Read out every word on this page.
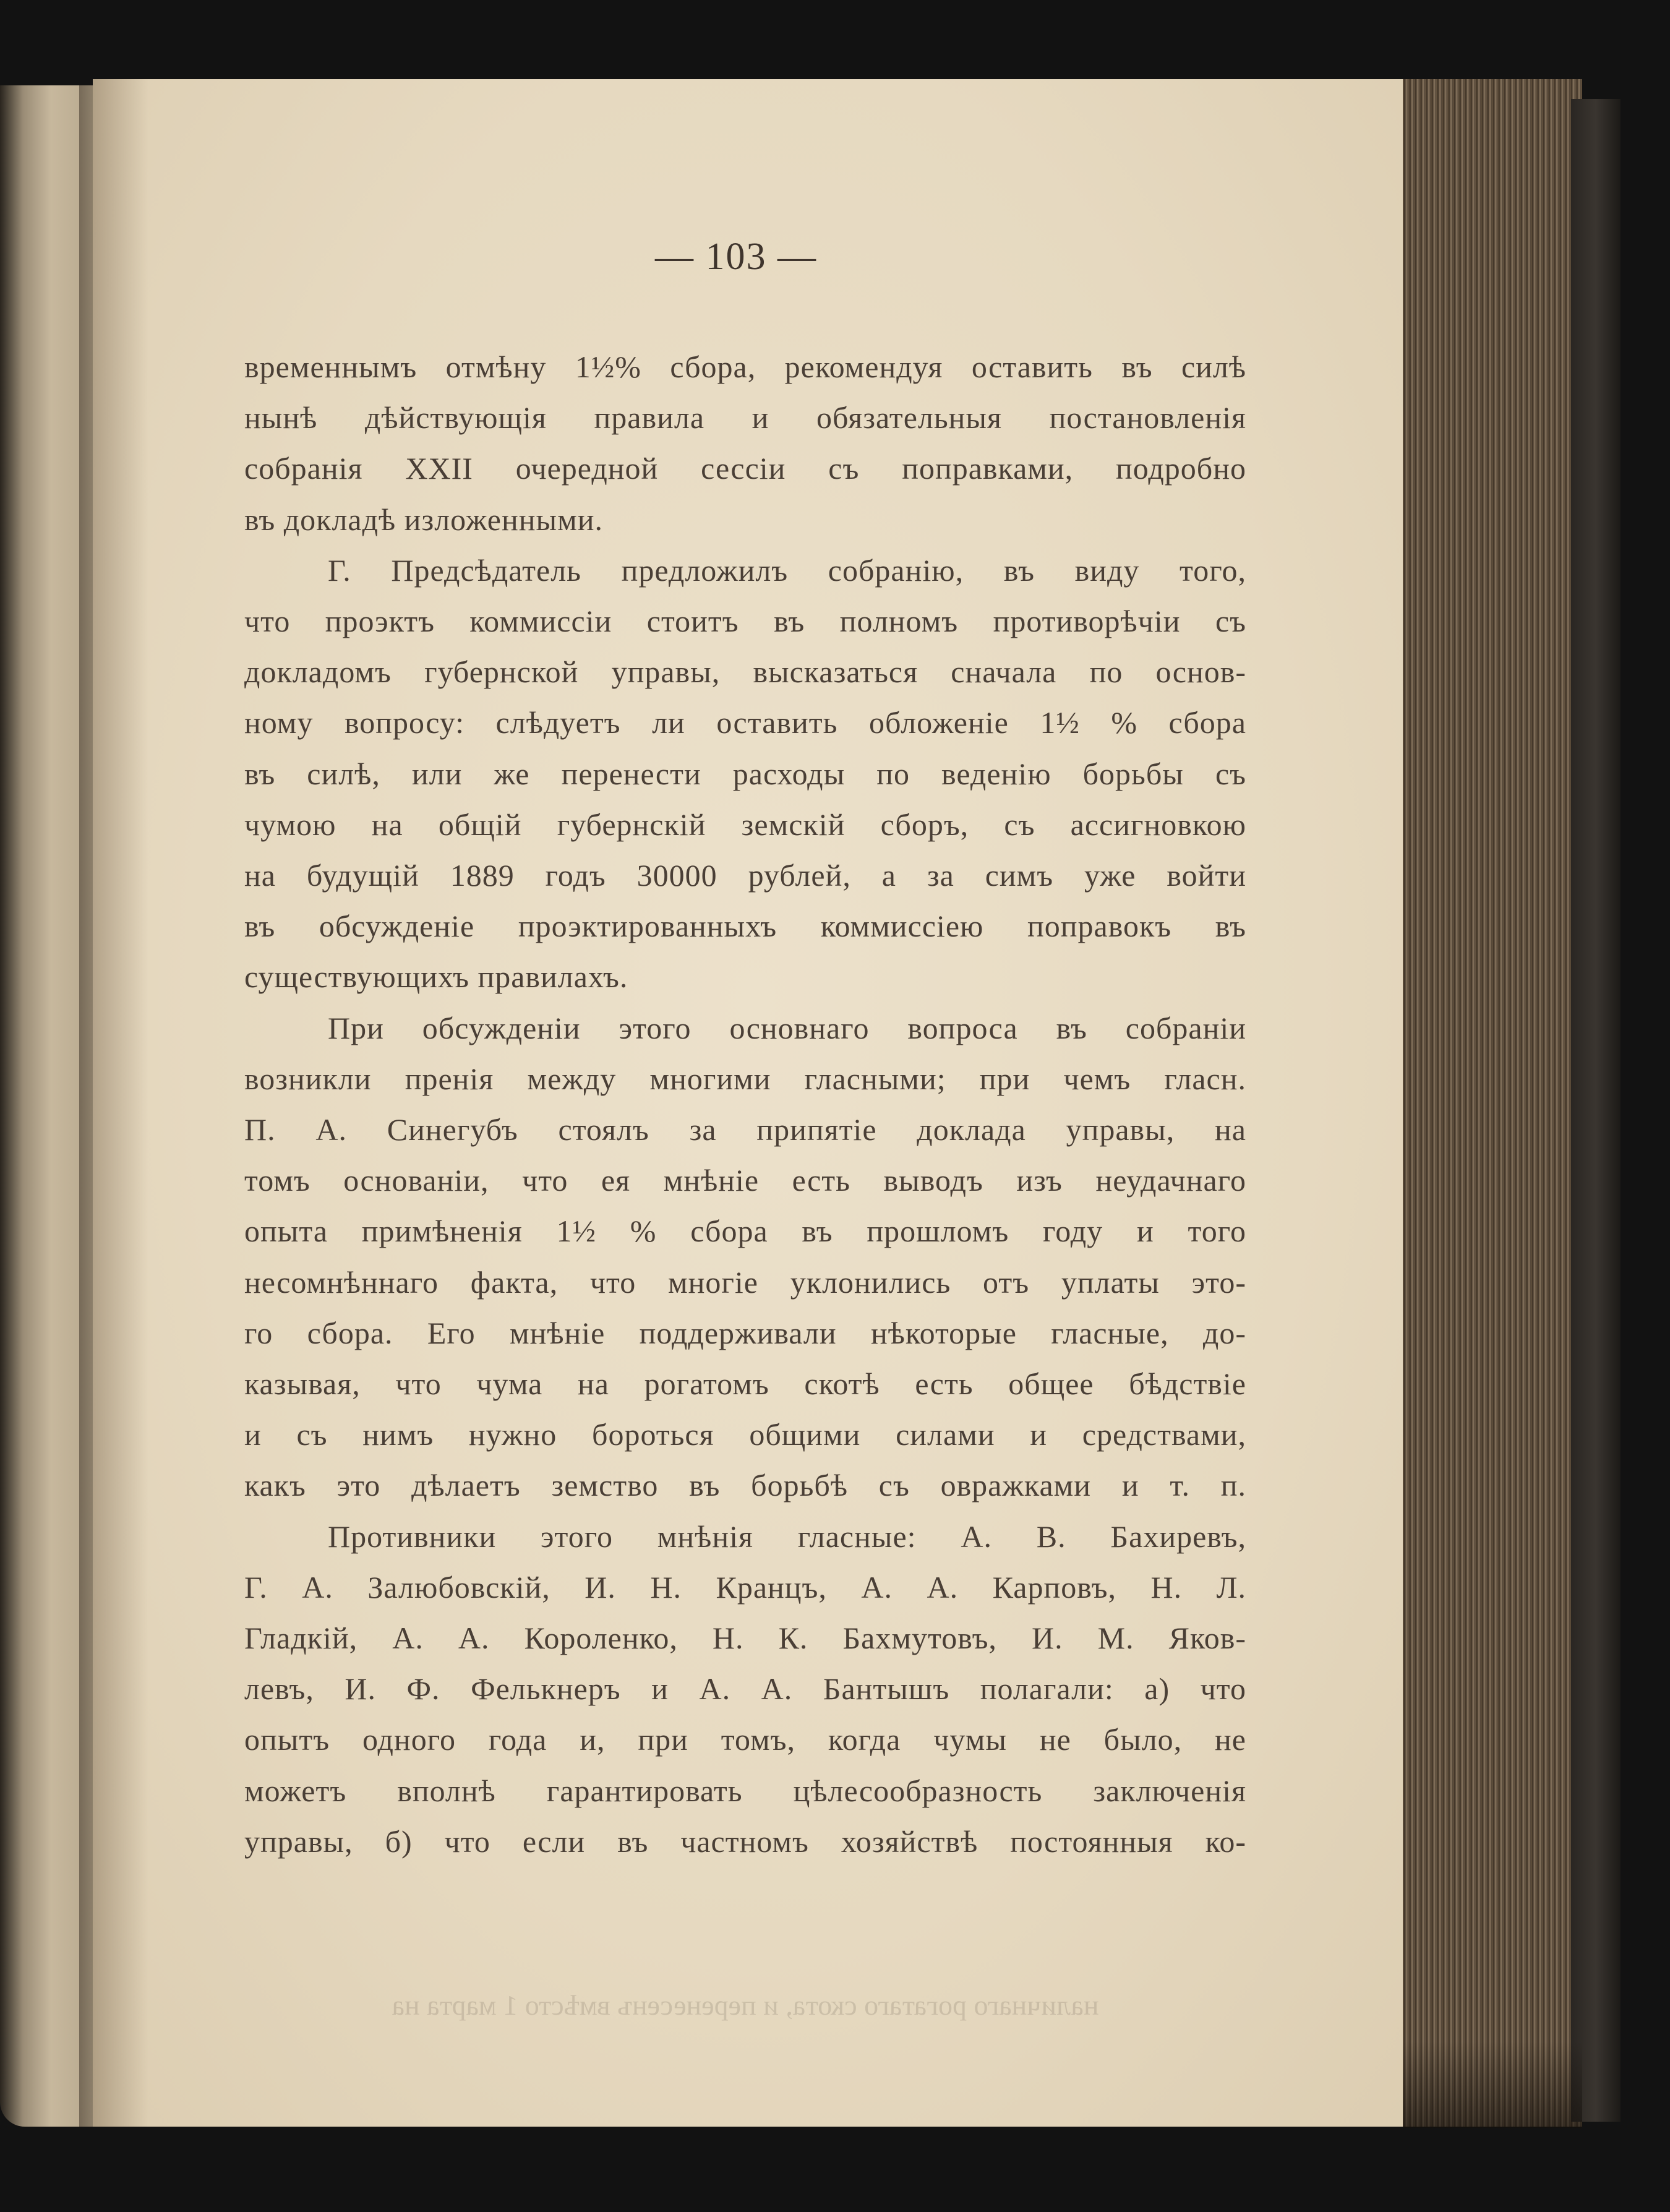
— 103 —
временнымъ отмѣну 1½% сбора, рекомендуя оставить въ силѣ
нынѣ дѣйствующія правила и обязательныя постановленія
собранія XXII очередной сессіи съ поправками, подробно
въ докладѣ изложенными.
Г. Предсѣдатель предложилъ собранію, въ виду того,
что проэктъ коммиссіи стоитъ въ полномъ противорѣчіи съ
докладомъ губернской управы, высказаться сначала по основ-
ному вопросу: слѣдуетъ ли оставить обложеніе 1½ % сбора
въ силѣ, или же перенести расходы по веденію борьбы съ
чумою на общій губернскій земскій сборъ, съ ассигновкою
на будущій 1889 годъ 30000 рублей, а за симъ уже войти
въ обсужденіе проэктированныхъ коммиссіею поправокъ въ
существующихъ правилахъ.
При обсужденіи этого основнаго вопроса въ собраніи
возникли пренія между многими гласными; при чемъ гласн.
П. А. Синегубъ стоялъ за припятіе доклада управы, на
томъ основаніи, что ея мнѣніе есть выводъ изъ неудачнаго
опыта примѣненія 1½ % сбора въ прошломъ году и того
несомнѣннаго факта, что многіе уклонились отъ уплаты это-
го сбора. Его мнѣніе поддерживали нѣкоторые гласные, до-
казывая, что чума на рогатомъ скотѣ есть общее бѣдствіе
и съ нимъ нужно бороться общими силами и средствами,
какъ это дѣлаетъ земство въ борьбѣ съ овражками и т. п.
Противники этого мнѣнія гласные: А. В. Бахиревъ,
Г. А. Залюбовскій, И. Н. Кранцъ, А. А. Карповъ, Н. Л.
Гладкій, А. А. Короленко, Н. К. Бахмутовъ, И. М. Яков-
левъ, И. Ф. Фелькнеръ и А. А. Бантышъ полагали: а) что
опытъ одного года и, при томъ, когда чумы не было, не
можетъ вполнѣ гарантировать цѣлесообразность заключенія
управы, б) что если въ частномъ хозяйствѣ постоянныя ко-
наличнаго рогатаго скота, и перенесенъ вмѣсто 1 марта на
